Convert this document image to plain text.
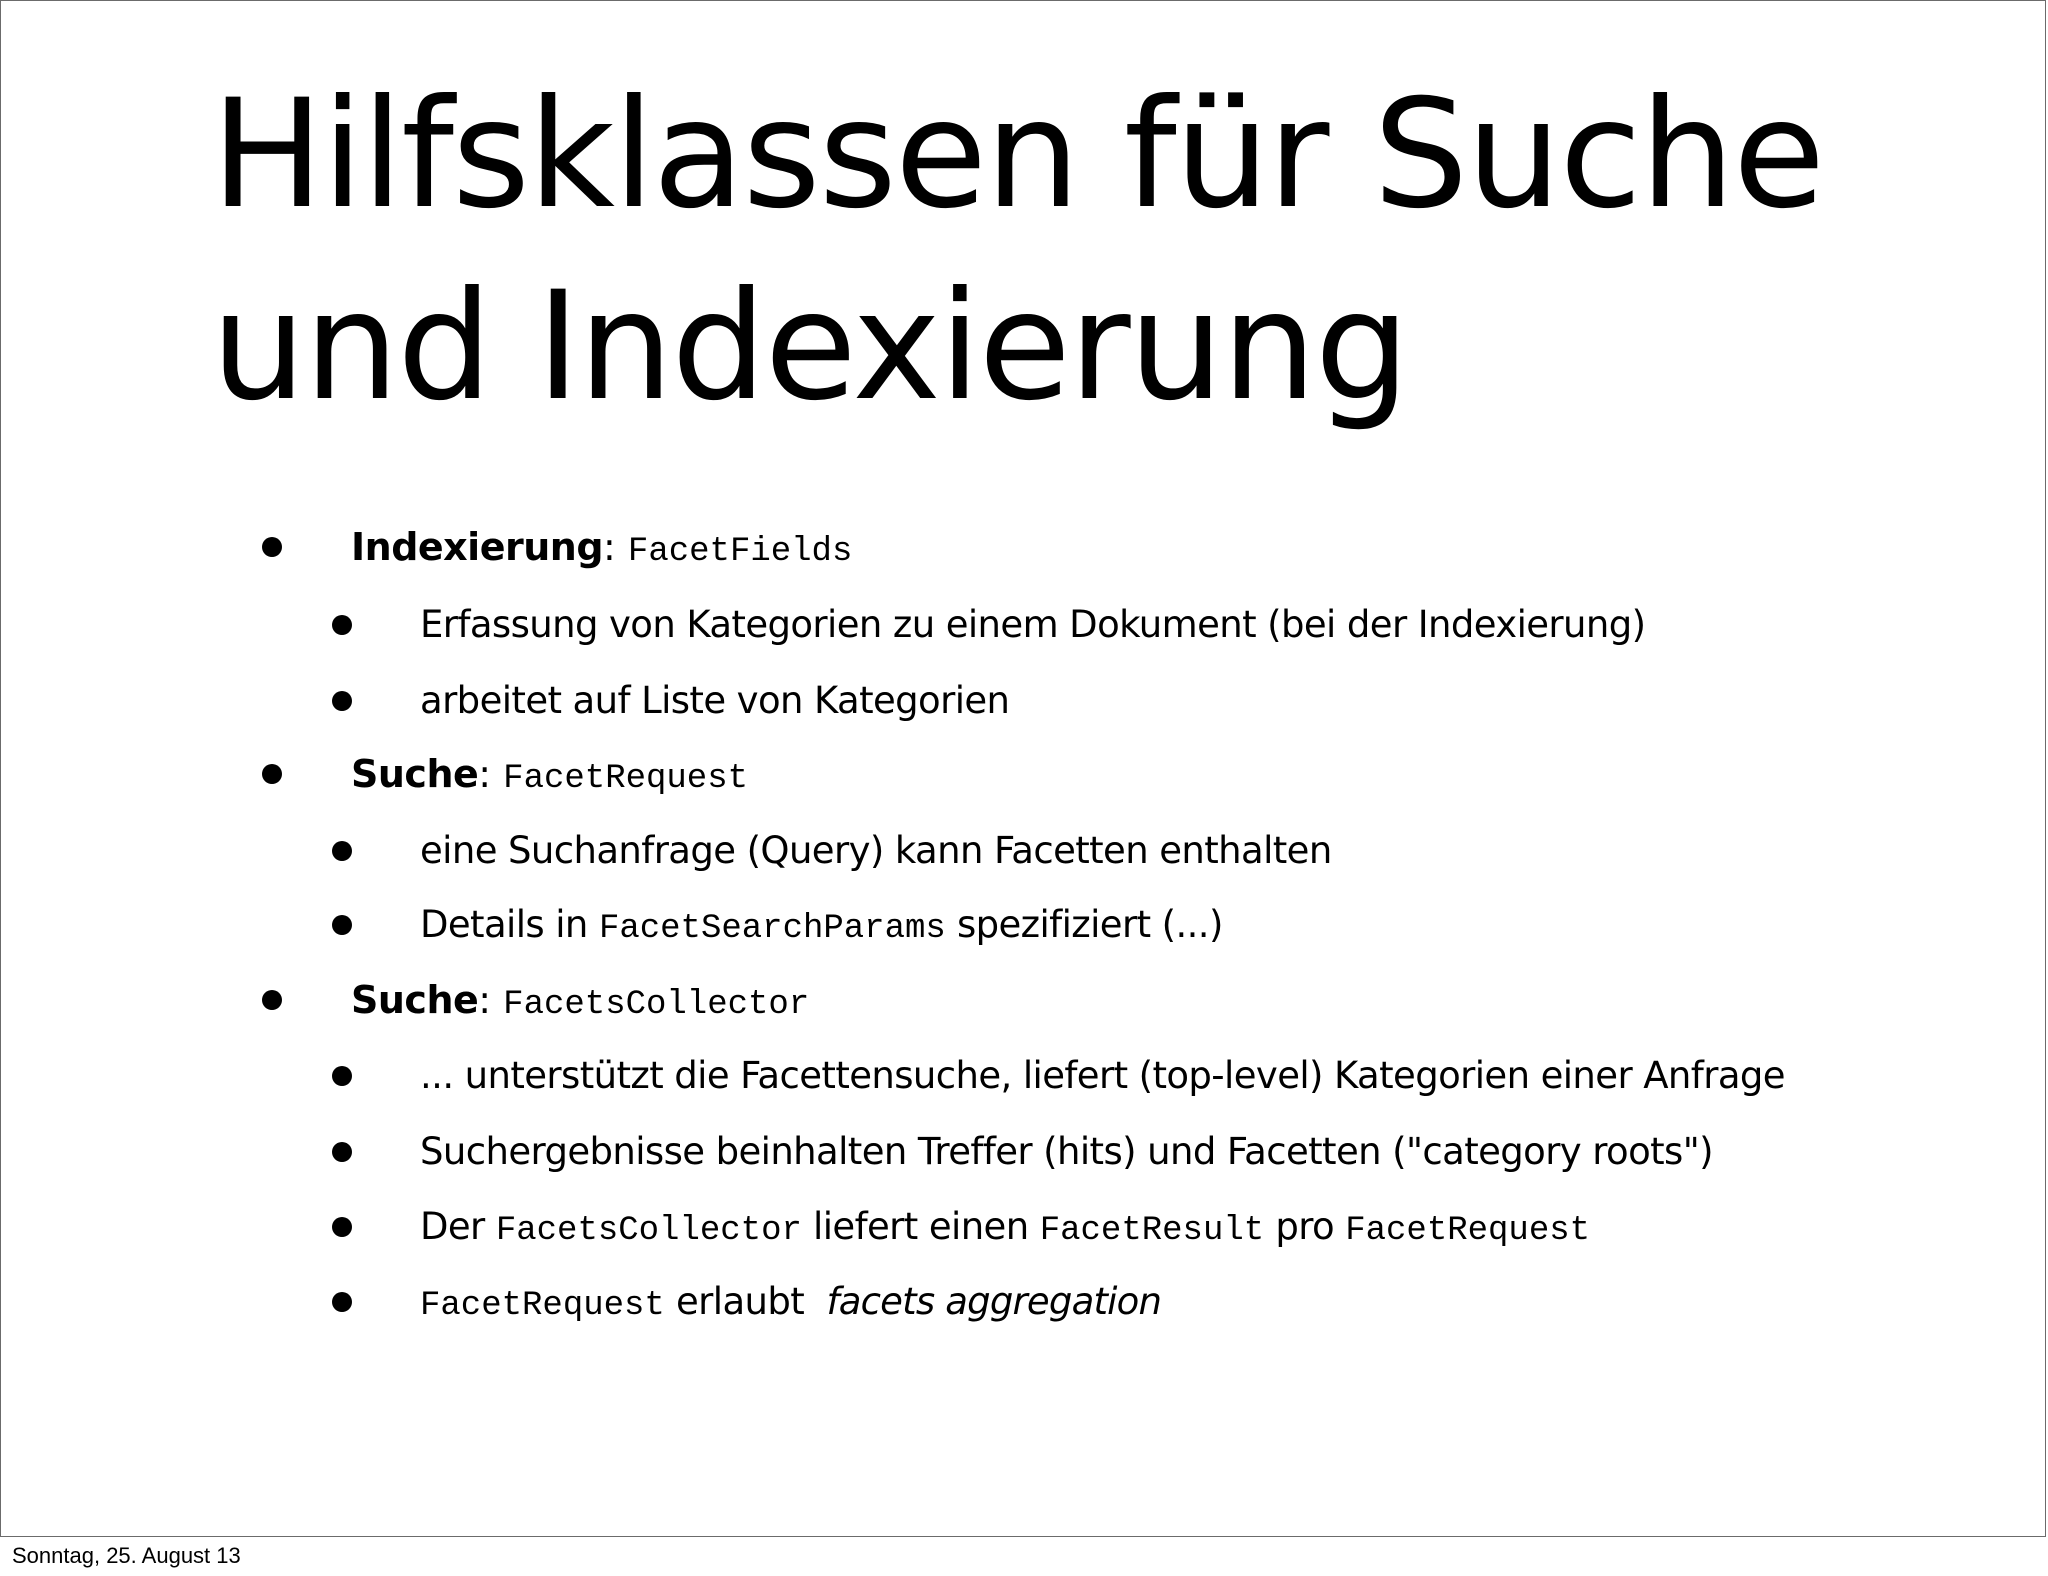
Hilfsklassen für Suche
und Indexierung
Indexierung: FacetFields
Erfassung von Kategorien zu einem Dokument (bei der Indexierung)
arbeitet auf Liste von Kategorien
Suche: FacetRequest
eine Suchanfrage (Query) kann Facetten enthalten
Details in FacetSearchParams spezifiziert (...)
Suche: FacetsCollector
... unterstützt die Facettensuche, liefert (top-level) Kategorien einer Anfrage
Suchergebnisse beinhalten Treffer (hits) und Facetten ("category roots")
Der FacetsCollector liefert einen FacetResult pro FacetRequest
FacetRequest erlaubt  facets aggregation
Sonntag, 25. August 13
